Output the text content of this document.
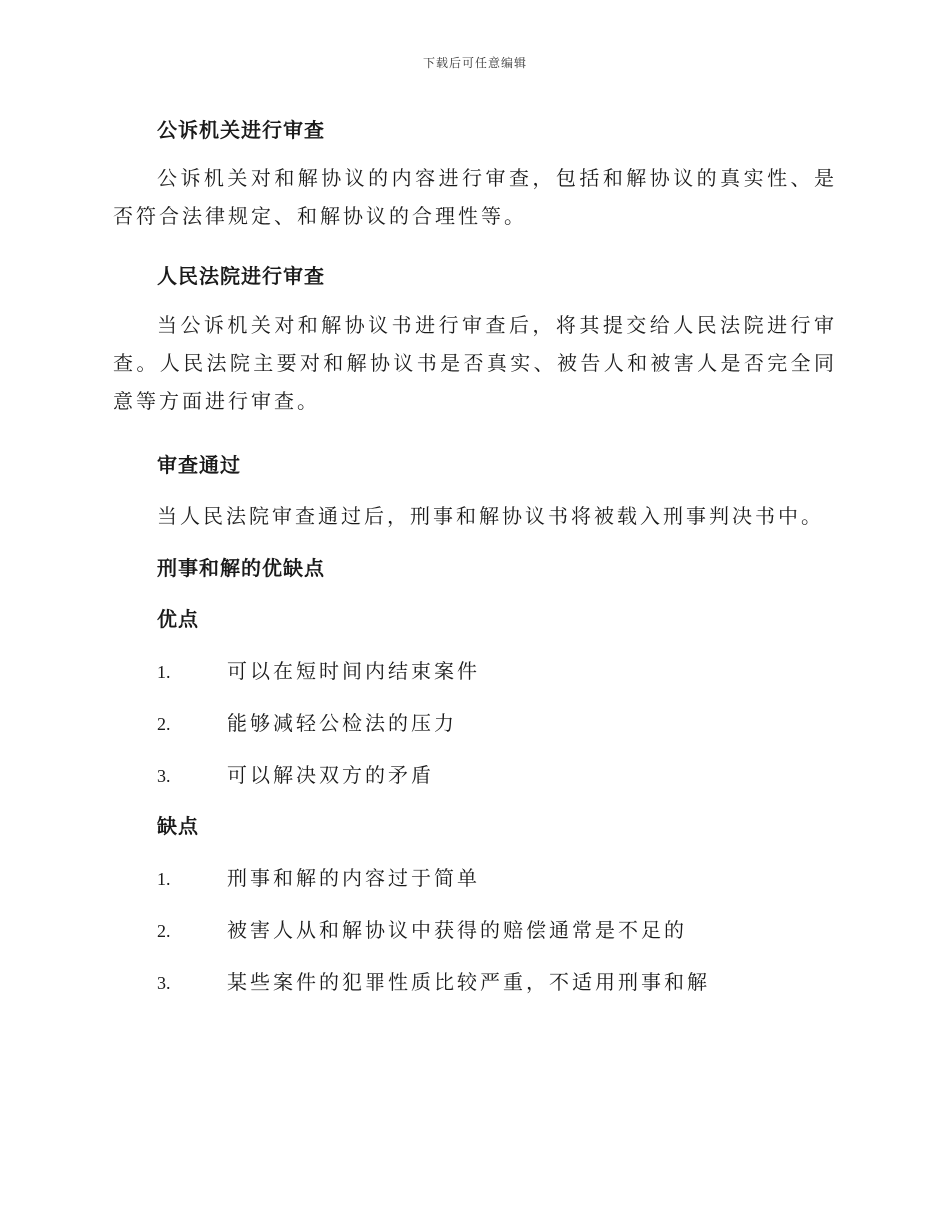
下载后可任意编辑
公诉机关进行审查
公诉机关对和解协议的内容进行审查，包括和解协议的真实性、是否符合法律规定、和解协议的合理性等。
人民法院进行审查
当公诉机关对和解协议书进行审查后，将其提交给人民法院进行审查。人民法院主要对和解协议书是否真实、被告人和被害人是否完全同意等方面进行审查。
审查通过
当人民法院审查通过后，刑事和解协议书将被载入刑事判决书中。
刑事和解的优缺点
优点
1.	可以在短时间内结束案件
2.	能够减轻公检法的压力
3.	可以解决双方的矛盾
缺点
1.	刑事和解的内容过于简单
2.	被害人从和解协议中获得的赔偿通常是不足的
3.	某些案件的犯罪性质比较严重，不适用刑事和解
